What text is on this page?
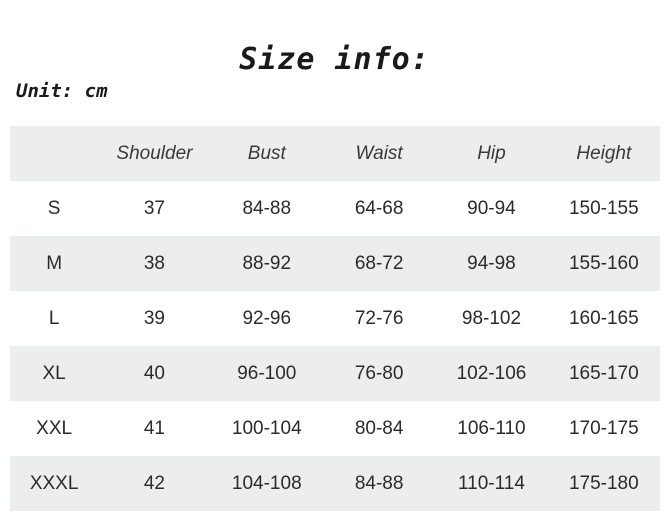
Size info:
Unit: cm
	Shoulder	Bust	Waist	Hip	Height
S	37	84-88	64-68	90-94	150-155
M	38	88-92	68-72	94-98	155-160
L	39	92-96	72-76	98-102	160-165
XL	40	96-100	76-80	102-106	165-170
XXL	41	100-104	80-84	106-110	170-175
XXXL	42	104-108	84-88	110-114	175-180
